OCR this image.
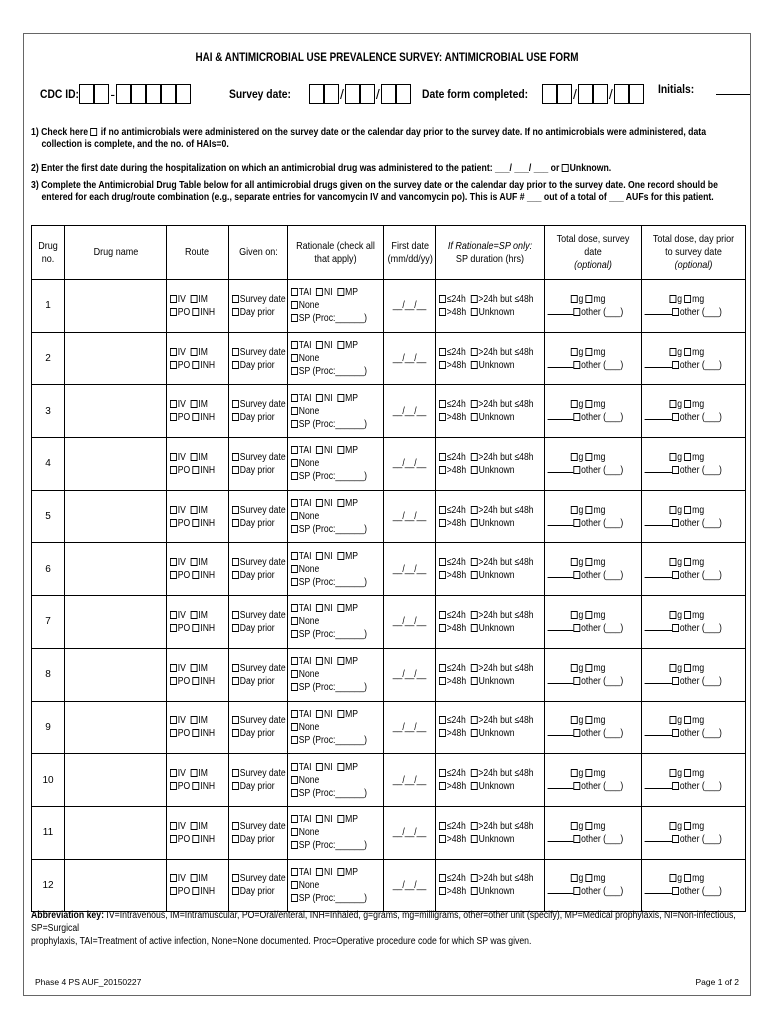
HAI & ANTIMICROBIAL USE PREVALENCE SURVEY: ANTIMICROBIAL USE FORM
CDC ID: -	Survey date:	/ /	Date form completed:	/ /	Initials:
1) Check here if no antimicrobials were administered on the survey date or the calendar day prior to the survey date. If no antimicrobials were administered, data
collection is complete, and the no. of HAIs=0.
2) Enter the first date during the hospitalization on which an antimicrobial drug was administered to the patient: ___/ ___/ ___ or Unknown.
3) Complete the Antimicrobial Drug Table below for all antimicrobial drugs given on the survey date or the calendar day prior to the survey date. One record should be
entered for each drug/route combination (e.g., separate entries for vancomycin IV and vancomycin po). This is AUF # ___ out of a total of ___ AUFs for this patient.
Drug no.	Drug name	Route	Given on:	Rationale (check all that apply)	First date (mm/dd/yy)	If Rationale=SP only:
SP duration (hrs)	Total dose, survey date
(optional)	Total dose, day prior to survey date
(optional)
1		IV IM
PO INH	Survey date
Day prior	TAI NI MP
None
SP (Proc:______)	__/__/__	≤24h >24h but ≤48h
>48h Unknown	g mg
other (___)	g mg
other (___)

2		IV IM
PO INH	Survey date
Day prior	TAI NI MP
None
SP (Proc:______)	__/__/__	≤24h >24h but ≤48h
>48h Unknown	g mg
other (___)	g mg
other (___)

3		IV IM
PO INH	Survey date
Day prior	TAI NI MP
None
SP (Proc:______)	__/__/__	≤24h >24h but ≤48h
>48h Unknown	g mg
other (___)	g mg
other (___)

4		IV IM
PO INH	Survey date
Day prior	TAI NI MP
None
SP (Proc:______)	__/__/__	≤24h >24h but ≤48h
>48h Unknown	g mg
other (___)	g mg
other (___)

5		IV IM
PO INH	Survey date
Day prior	TAI NI MP
None
SP (Proc:______)	__/__/__	≤24h >24h but ≤48h
>48h Unknown	g mg
other (___)	g mg
other (___)

6		IV IM
PO INH	Survey date
Day prior	TAI NI MP
None
SP (Proc:______)	__/__/__	≤24h >24h but ≤48h
>48h Unknown	g mg
other (___)	g mg
other (___)

7		IV IM
PO INH	Survey date
Day prior	TAI NI MP
None
SP (Proc:______)	__/__/__	≤24h >24h but ≤48h
>48h Unknown	g mg
other (___)	g mg
other (___)

8		IV IM
PO INH	Survey date
Day prior	TAI NI MP
None
SP (Proc:______)	__/__/__	≤24h >24h but ≤48h
>48h Unknown	g mg
other (___)	g mg
other (___)

9		IV IM
PO INH	Survey date
Day prior	TAI NI MP
None
SP (Proc:______)	__/__/__	≤24h >24h but ≤48h
>48h Unknown	g mg
other (___)	g mg
other (___)

10		IV IM
PO INH	Survey date
Day prior	TAI NI MP
None
SP (Proc:______)	__/__/__	≤24h >24h but ≤48h
>48h Unknown	g mg
other (___)	g mg
other (___)

11		IV IM
PO INH	Survey date
Day prior	TAI NI MP
None
SP (Proc:______)	__/__/__	≤24h >24h but ≤48h
>48h Unknown	g mg
other (___)	g mg
other (___)

12		IV IM
PO INH	Survey date
Day prior	TAI NI MP
None
SP (Proc:______)	__/__/__	≤24h >24h but ≤48h
>48h Unknown	g mg
other (___)	g mg
other (___)
Abbreviation key: IV=Intravenous, IM=Intramuscular, PO=Oral/enteral, INH=Inhaled, g=grams, mg=milligrams, other=other unit (specify), MP=Medical prophylaxis, NI=Non-infectious, SP=Surgical
prophylaxis, TAI=Treatment of active infection, None=None documented. Proc=Operative procedure code for which SP was given.
Phase 4 PS AUF_20150227	Page 1 of 2
